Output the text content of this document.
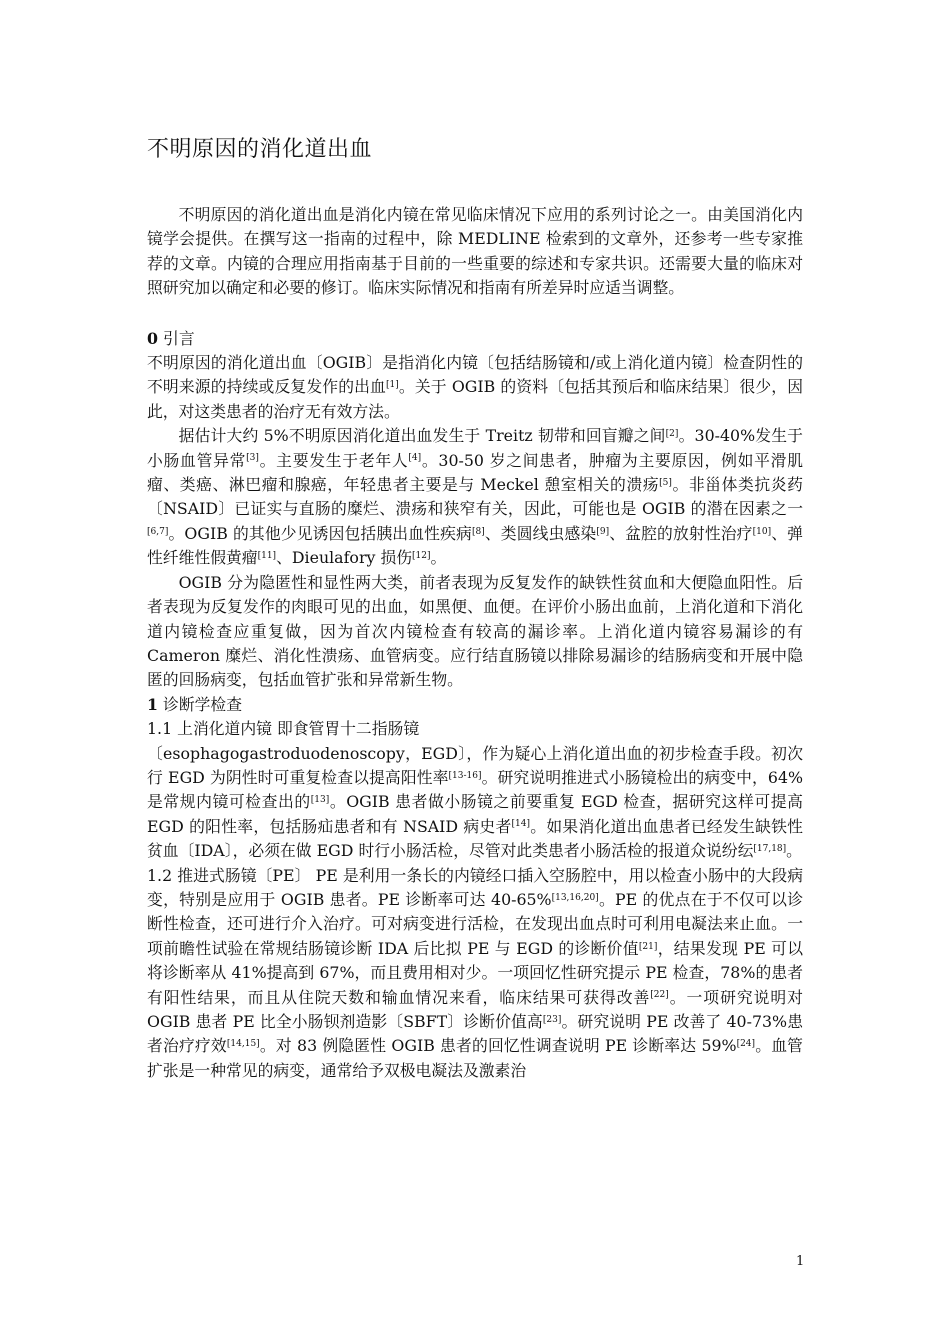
不明原因的消化道出血

不明原因的消化道出血是消化内镜在常见临床情况下应用的系列讨论之一。由美国消化内镜学会提供。在撰写这一指南的过程中，除 MEDLINE 检索到的文章外，还参考一些专家推荐的文章。内镜的合理应用指南基于目前的一些重要的综述和专家共识。还需要大量的临床对照研究加以确定和必要的修订。临床实际情况和指南有所差异时应适当调整。

0 引言

不明原因的消化道出血〔OGIB〕是指消化内镜〔包括结肠镜和/或上消化道内镜〕检查阴性的不明来源的持续或反复发作的出血[1]。关于 OGIB 的资料〔包括其预后和临床结果〕很少，因此，对这类患者的治疗无有效方法。

据估计大约 5%不明原因消化道出血发生于 Treitz 韧带和回盲瓣之间[2]。30-40%发生于小肠血管异常[3]。主要发生于老年人[4]。30-50 岁之间患者，肿瘤为主要原因，例如平滑肌瘤、类癌、淋巴瘤和腺癌，年轻患者主要是与 Meckel 憩室相关的溃疡[5]。非甾体类抗炎药〔NSAID〕已证实与直肠的糜烂、溃疡和狭窄有关，因此，可能也是 OGIB 的潜在因素之一[6,7]。OGIB 的其他少见诱因包括胰出血性疾病[8]、类圆线虫感染[9]、盆腔的放射性治疗[10]、弹性纤维性假黄瘤[11]、Dieulafory 损伤[12]。

OGIB 分为隐匿性和显性两大类，前者表现为反复发作的缺铁性贫血和大便隐血阳性。后者表现为反复发作的肉眼可见的出血，如黑便、血便。在评价小肠出血前，上消化道和下消化道内镜检查应重复做，因为首次内镜检查有较高的漏诊率。上消化道内镜容易漏诊的有 Cameron 糜烂、消化性溃疡、血管病变。应行结直肠镜以排除易漏诊的结肠病变和开展中隐匿的回肠病变，包括血管扩张和异常新生物。

1 诊断学检查

1.1 上消化道内镜 即食管胃十二指肠镜

〔esophagogastroduodenoscopy，EGD〕，作为疑心上消化道出血的初步检查手段。初次行 EGD 为阴性时可重复检查以提高阳性率[13-16]。研究说明推进式小肠镜检出的病变中，64%是常规内镜可检查出的[13]。OGIB 患者做小肠镜之前要重复 EGD 检查，据研究这样可提高 EGD 的阳性率，包括肠疝患者和有 NSAID 病史者[14]。如果消化道出血患者已经发生缺铁性贫血〔IDA〕，必须在做 EGD 时行小肠活检，尽管对此类患者小肠活检的报道众说纷纭[17,18]。

1.2 推进式肠镜〔PE〕 PE 是利用一条长的内镜经口插入空肠腔中，用以检查小肠中的大段病变，特别是应用于 OGIB 患者。PE 诊断率可达 40-65%[13,16,20]。PE 的优点在于不仅可以诊断性检查，还可进行介入治疗。可对病变进行活检，在发现出血点时可利用电凝法来止血。一项前瞻性试验在常规结肠镜诊断 IDA 后比拟 PE 与 EGD 的诊断价值[21]，结果发现 PE 可以将诊断率从 41%提高到 67%，而且费用相对少。一项回忆性研究提示 PE 检查，78%的患者有阳性结果，而且从住院天数和输血情况来看，临床结果可获得改善[22]。一项研究说明对 OGIB 患者 PE 比全小肠钡剂造影〔SBFT〕诊断价值高[23]。研究说明 PE 改善了 40-73%患者治疗疗效[14,15]。对 83 例隐匿性 OGIB 患者的回忆性调查说明 PE 诊断率达 59%[24]。血管扩张是一种常见的病变，通常给予双极电凝法及激素治

1
